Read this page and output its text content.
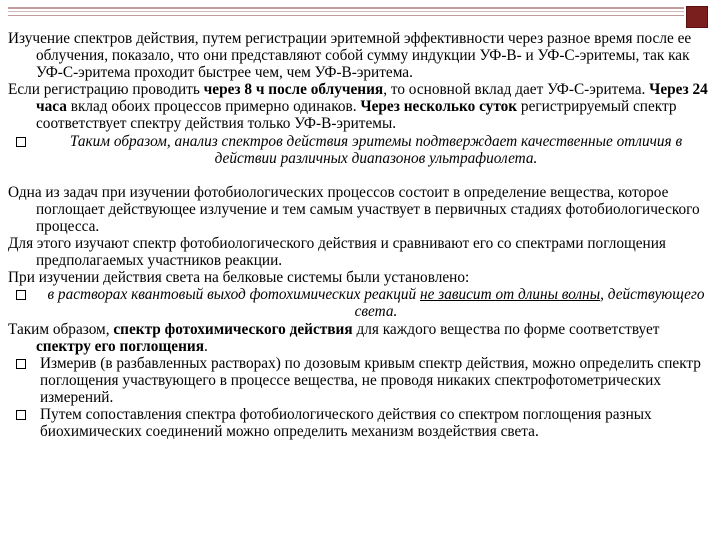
Изучение спектров действия, путем регистрации эритемной эффективности через разное время после ее облучения, показало, что они представляют собой сумму индукции УФ-В- и УФ-С-эритемы, так как УФ-С-эритема проходит быстрее чем, чем УФ-В-эритема.

Если регистрацию проводить через 8 ч после облучения, то основной вклад дает УФ-С-эритема. Через 24 часа вклад обоих процессов примерно одинаков. Через несколько суток регистрируемый спектр соответствует спектру действия только УФ-В-эритемы.

Таким образом, анализ спектров действия эритемы подтверждает качественные отличия в действии различных диапазонов ультрафиолета.

Одна из задач при изучении фотобиологических процессов состоит в определение вещества, которое поглощает действующее излучение и тем самым участвует в первичных стадиях фотобиологического процесса.

Для этого изучают спектр фотобиологического действия и сравнивают его со спектрами поглощения предполагаемых участников реакции.

При изучении действия света на белковые системы были установлено:

в растворах квантовый выход фотохимических реакций не зависит от длины волны, действующего света.

Таким образом, спектр фотохимического действия для каждого вещества по форме соответствует спектру его поглощения.

Измерив (в разбавленных растворах) по дозовым кривым спектр действия, можно определить спектр поглощения участвующего в процессе вещества, не проводя никаких спектрофотометрических измерений.
Путем сопоставления спектра фотобиологического действия со спектром поглощения разных биохимических соединений можно определить механизм воздействия света.
